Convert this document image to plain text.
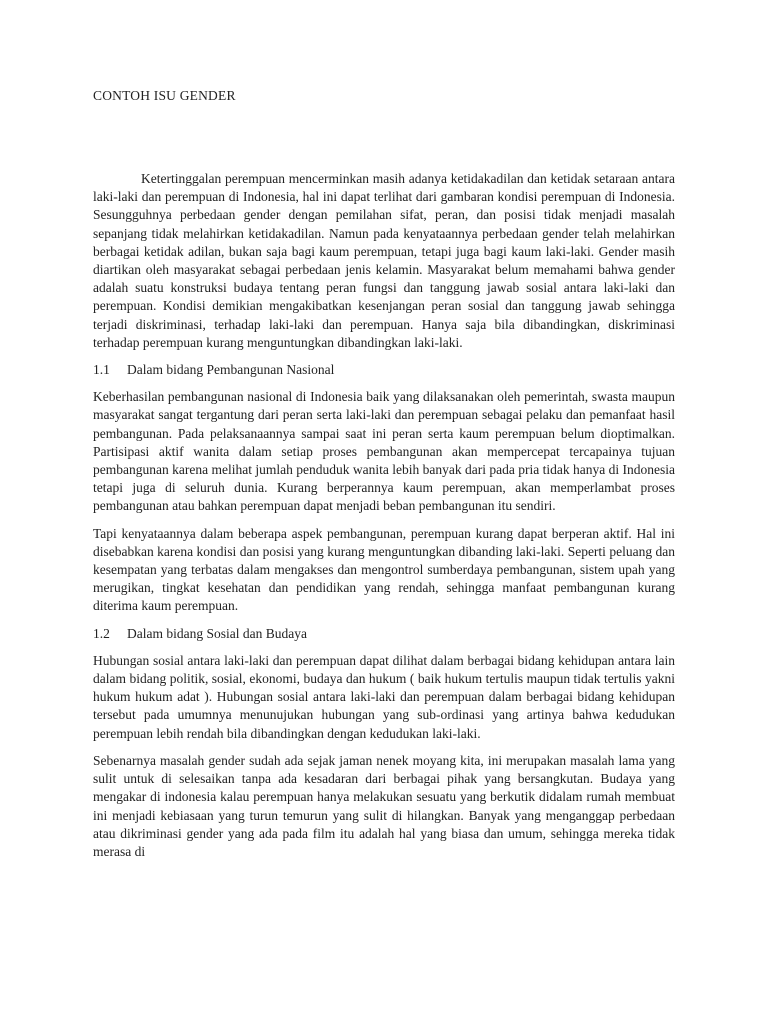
CONTOH ISU GENDER

Ketertinggalan perempuan mencerminkan masih adanya ketidakadilan dan ketidak setaraan antara laki-laki dan perempuan di Indonesia, hal ini dapat terlihat dari gambaran kondisi perempuan di Indonesia. Sesungguhnya perbedaan gender dengan pemilahan sifat, peran, dan posisi tidak menjadi masalah sepanjang tidak melahirkan ketidakadilan. Namun pada kenyataannya perbedaan gender telah melahirkan berbagai ketidak adilan, bukan saja bagi kaum perempuan, tetapi juga bagi kaum laki-laki. Gender masih diartikan oleh masyarakat sebagai perbedaan jenis kelamin. Masyarakat belum memahami bahwa gender adalah suatu konstruksi budaya tentang peran fungsi dan tanggung jawab sosial antara laki-laki dan perempuan. Kondisi demikian mengakibatkan kesenjangan peran sosial dan tanggung jawab sehingga terjadi diskriminasi, terhadap laki-laki dan perempuan. Hanya saja bila dibandingkan, diskriminasi terhadap perempuan kurang menguntungkan dibandingkan laki-laki.

1.1 Dalam bidang Pembangunan Nasional

Keberhasilan pembangunan nasional di Indonesia baik yang dilaksanakan oleh pemerintah, swasta maupun masyarakat sangat tergantung dari peran serta laki-laki dan perempuan sebagai pelaku dan pemanfaat hasil pembangunan. Pada pelaksanaannya sampai saat ini peran serta kaum perempuan belum dioptimalkan. Partisipasi aktif wanita dalam setiap proses pembangunan akan mempercepat tercapainya tujuan pembangunan karena melihat jumlah penduduk wanita lebih banyak dari pada pria tidak hanya di Indonesia tetapi juga di seluruh dunia. Kurang berperannya kaum perempuan, akan memperlambat proses pembangunan atau bahkan perempuan dapat menjadi beban pembangunan itu sendiri.

Tapi kenyataannya dalam beberapa aspek pembangunan, perempuan kurang dapat berperan aktif. Hal ini disebabkan karena kondisi dan posisi yang kurang menguntungkan dibanding laki-laki. Seperti peluang dan kesempatan yang terbatas dalam mengakses dan mengontrol sumberdaya pembangunan, sistem upah yang merugikan, tingkat kesehatan dan pendidikan yang rendah, sehingga manfaat pembangunan kurang diterima kaum perempuan.

1.2 Dalam bidang Sosial dan Budaya

Hubungan sosial antara laki-laki dan perempuan dapat dilihat dalam berbagai bidang kehidupan antara lain dalam bidang politik, sosial, ekonomi, budaya dan hukum ( baik hukum tertulis maupun tidak tertulis yakni hukum hukum adat ). Hubungan sosial antara laki-laki dan perempuan dalam berbagai bidang kehidupan tersebut pada umumnya menunujukan hubungan yang sub-ordinasi yang artinya bahwa kedudukan perempuan lebih rendah bila dibandingkan dengan kedudukan laki-laki.

Sebenarnya masalah gender sudah ada sejak jaman nenek moyang kita, ini merupakan masalah lama yang sulit untuk di selesaikan tanpa ada kesadaran dari berbagai pihak yang bersangkutan. Budaya yang mengakar di indonesia kalau perempuan hanya melakukan sesuatu yang berkutik didalam rumah membuat ini menjadi kebiasaan yang turun temurun yang sulit di hilangkan. Banyak yang menganggap perbedaan atau dikriminasi gender yang ada pada film itu adalah hal yang biasa dan umum, sehingga mereka tidak merasa di
